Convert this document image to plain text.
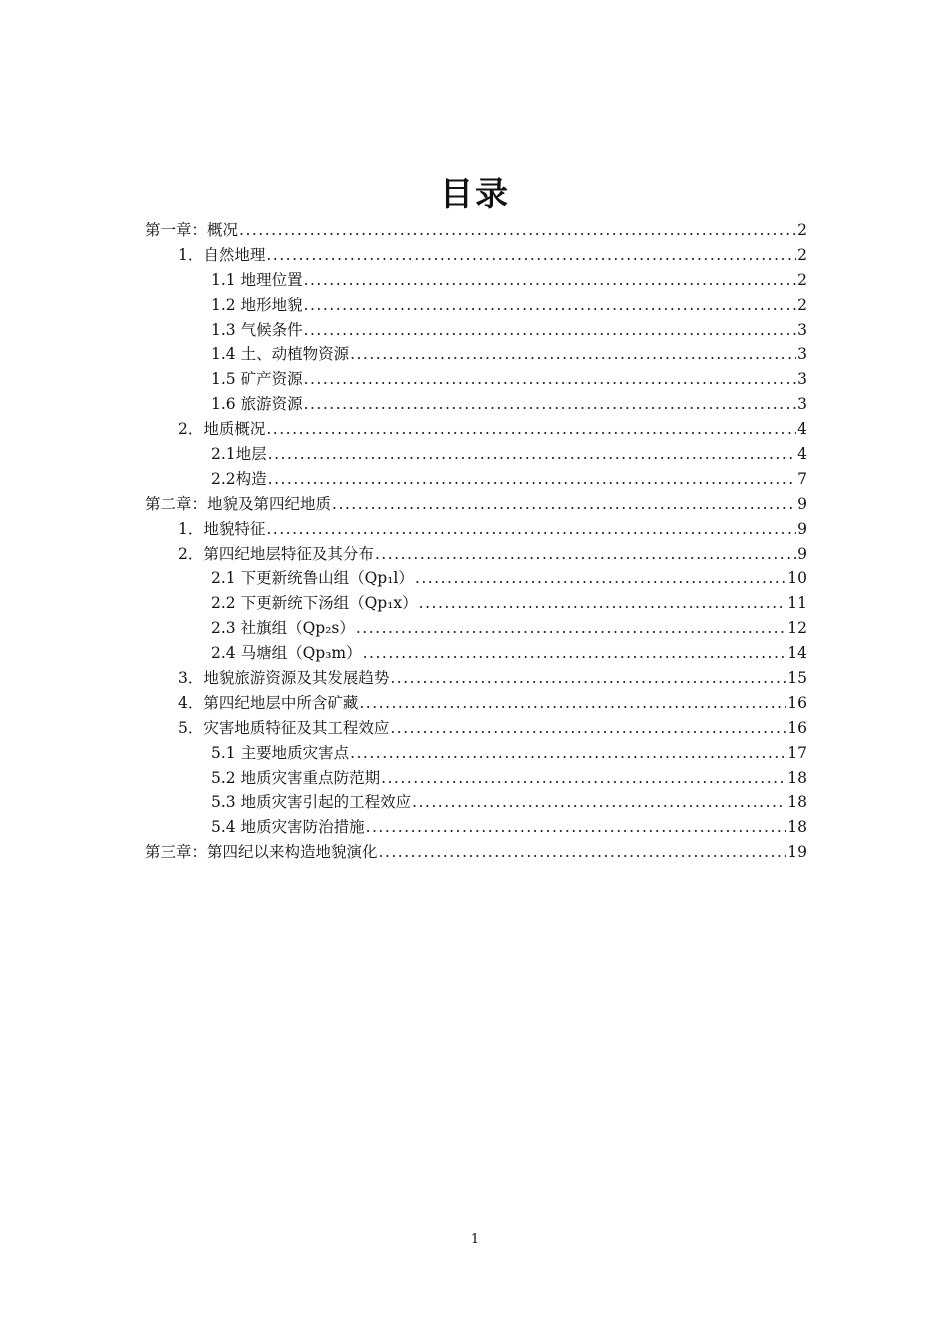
目录
第一章：概况 .....	2
1．自然地理 .....	2
1.1 地理位置 .....	2
1.2 地形地貌 .....	2
1.3 气候条件 .....	3
1.4 土、动植物资源 .....	3
1.5 矿产资源 .....	3
1.6 旅游资源 .....	3
2．地质概况 .....	4
2.1地层 .....	4
2.2构造 .....	7
第二章：地貌及第四纪地质 .....	9
1．地貌特征 .....	9
2．第四纪地层特征及其分布 .....	9
2.1 下更新统鲁山组（Qp₁l） .....	10
2.2 下更新统下汤组（Qp₁x） .....	11
2.3 社旗组（Qp₂s） .....	12
2.4 马塘组（Qp₃m） .....	14
3．地貌旅游资源及其发展趋势 .....	15
4．第四纪地层中所含矿藏 .....	16
5．灾害地质特征及其工程效应 .....	16
5.1 主要地质灾害点 .....	17
5.2 地质灾害重点防范期 .....	18
5.3 地质灾害引起的工程效应 .....	18
5.4 地质灾害防治措施 .....	18
第三章：第四纪以来构造地貌演化 .....	19
1
